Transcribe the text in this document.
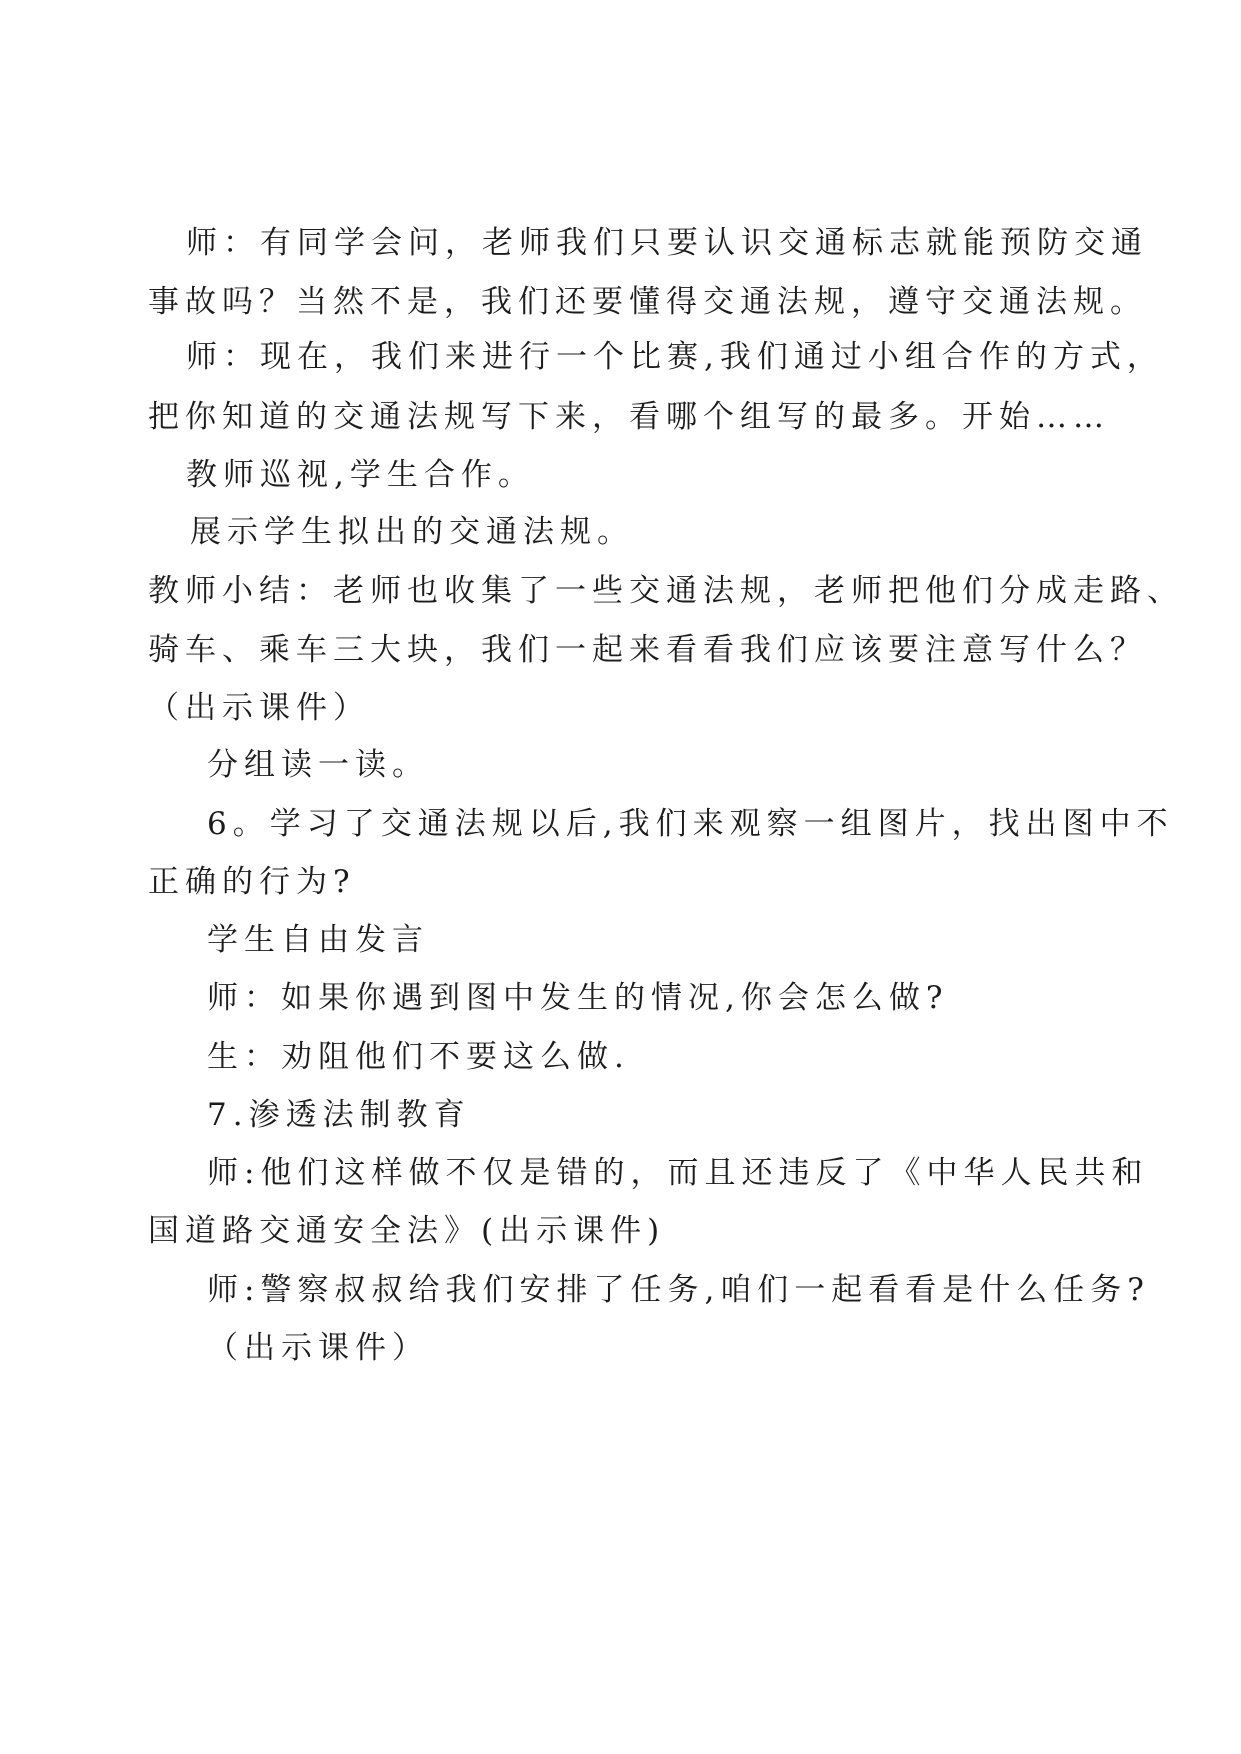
师：有同学会问，老师我们只要认识交通标志就能预防交通
事故吗？当然不是，我们还要懂得交通法规，遵守交通法规。
师：现在，我们来进行一个比赛,我们通过小组合作的方式，
把你知道的交通法规写下来，看哪个组写的最多。开始……
教师巡视,学生合作。
展示学生拟出的交通法规。
教师小结：老师也收集了一些交通法规，老师把他们分成走路、
骑车、乘车三大块，我们一起来看看我们应该要注意写什么？
（出示课件）
分组读一读。
6。学习了交通法规以后,我们来观察一组图片，找出图中不
正确的行为?
学生自由发言
师：如果你遇到图中发生的情况,你会怎么做?
生：劝阻他们不要这么做.
7.渗透法制教育
师:他们这样做不仅是错的，而且还违反了《中华人民共和
国道路交通安全法》(出示课件)
师:警察叔叔给我们安排了任务,咱们一起看看是什么任务?
（出示课件）
